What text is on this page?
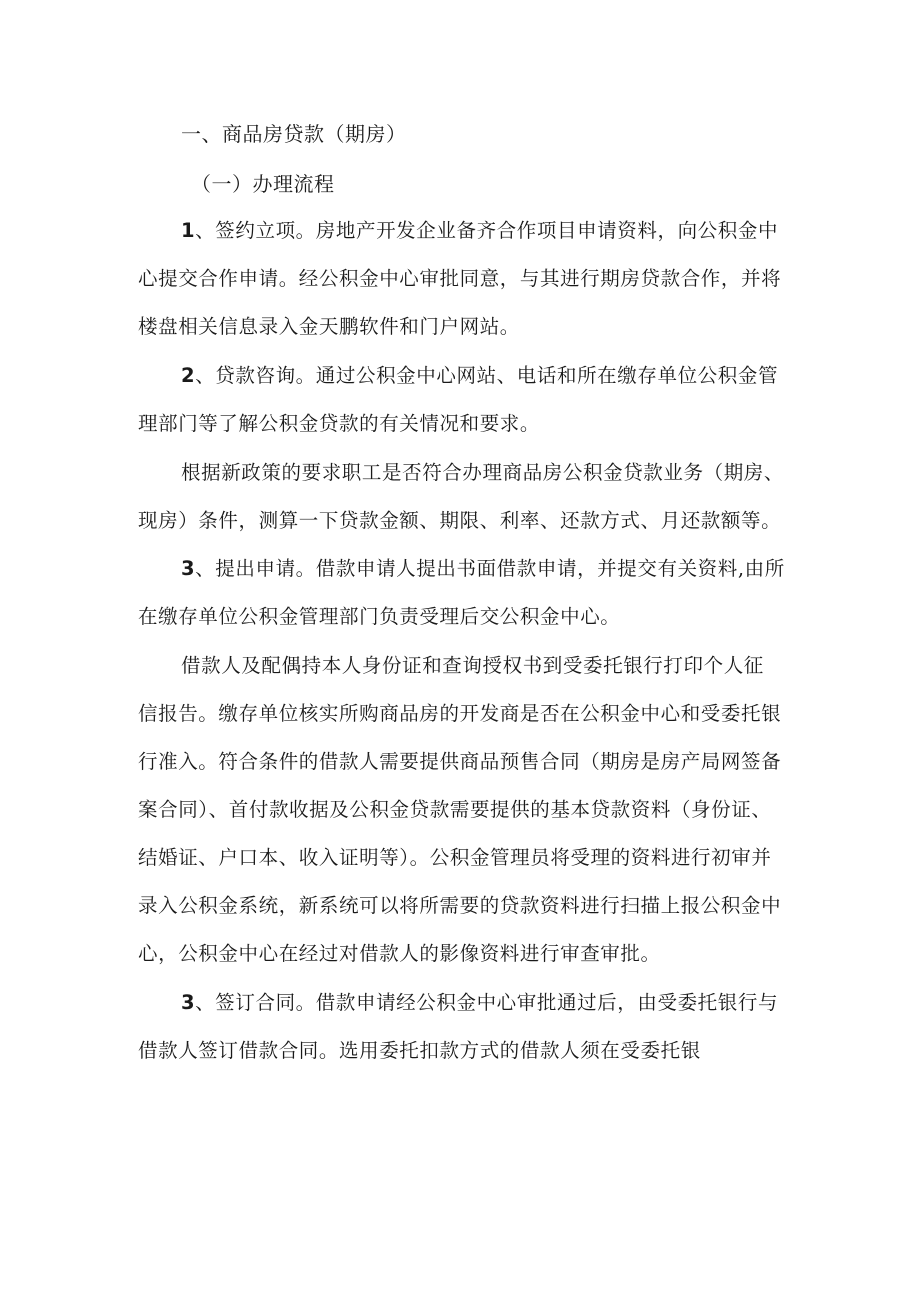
一、商品房贷款（期房）
（一）办理流程
1、签约立项。房地产开发企业备齐合作项目申请资料，向公积金中
心提交合作申请。经公积金中心审批同意，与其进行期房贷款合作，并将
楼盘相关信息录入金天鹏软件和门户网站。
2、贷款咨询。通过公积金中心网站、电话和所在缴存单位公积金管
理部门等了解公积金贷款的有关情况和要求。
根据新政策的要求职工是否符合办理商品房公积金贷款业务（期房、
现房）条件，测算一下贷款金额、期限、利率、还款方式、月还款额等。
3、提出申请。借款申请人提出书面借款申请，并提交有关资料,由所
在缴存单位公积金管理部门负责受理后交公积金中心。
借款人及配偶持本人身份证和查询授权书到受委托银行打印个人征
信报告。缴存单位核实所购商品房的开发商是否在公积金中心和受委托银
行准入。符合条件的借款人需要提供商品预售合同（期房是房产局网签备
案合同）、首付款收据及公积金贷款需要提供的基本贷款资料（身份证、
结婚证、户口本、收入证明等）。公积金管理员将受理的资料进行初审并
录入公积金系统，新系统可以将所需要的贷款资料进行扫描上报公积金中
心，公积金中心在经过对借款人的影像资料进行审查审批。
3、签订合同。借款申请经公积金中心审批通过后，由受委托银行与
借款人签订借款合同。选用委托扣款方式的借款人须在受委托银
